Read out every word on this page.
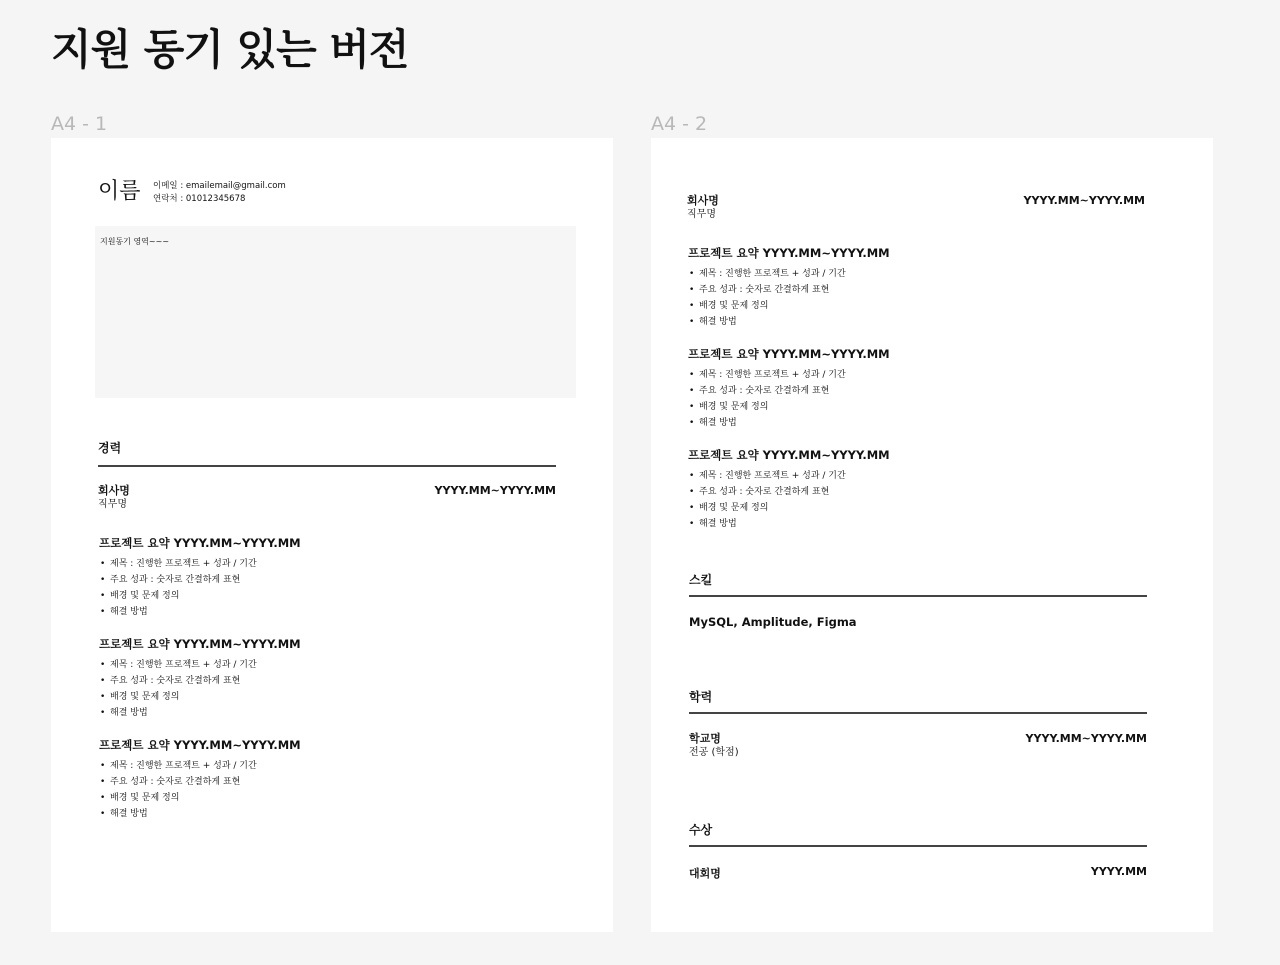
지원 동기 있는 버전
A4 - 1	A4 - 2
이름 이메일 : emailemail@gmail.com
연락처 : 01012345678
지원동기 영역~~~
경력
회사명
직무명
YYYY.MM~YYYY.MM
프로젝트 요약 YYYY.MM~YYYY.MM
• 제목 : 진행한 프로젝트 + 성과 / 기간
• 주요 성과 : 숫자로 간결하게 표현
• 배경 및 문제 정의
• 해결 방법
프로젝트 요약 YYYY.MM~YYYY.MM
• 제목 : 진행한 프로젝트 + 성과 / 기간
• 주요 성과 : 숫자로 간결하게 표현
• 배경 및 문제 정의
• 해결 방법
프로젝트 요약 YYYY.MM~YYYY.MM
• 제목 : 진행한 프로젝트 + 성과 / 기간
• 주요 성과 : 숫자로 간결하게 표현
• 배경 및 문제 정의
• 해결 방법
회사명
직무명
YYYY.MM~YYYY.MM
프로젝트 요약 YYYY.MM~YYYY.MM
• 제목 : 진행한 프로젝트 + 성과 / 기간
• 주요 성과 : 숫자로 간결하게 표현
• 배경 및 문제 정의
• 해결 방법
프로젝트 요약 YYYY.MM~YYYY.MM
• 제목 : 진행한 프로젝트 + 성과 / 기간
• 주요 성과 : 숫자로 간결하게 표현
• 배경 및 문제 정의
• 해결 방법
프로젝트 요약 YYYY.MM~YYYY.MM
• 제목 : 진행한 프로젝트 + 성과 / 기간
• 주요 성과 : 숫자로 간결하게 표현
• 배경 및 문제 정의
• 해결 방법
스킬
MySQL, Amplitude, Figma
학력
학교명
전공 (학점)
YYYY.MM~YYYY.MM
수상
대회명	YYYY.MM
